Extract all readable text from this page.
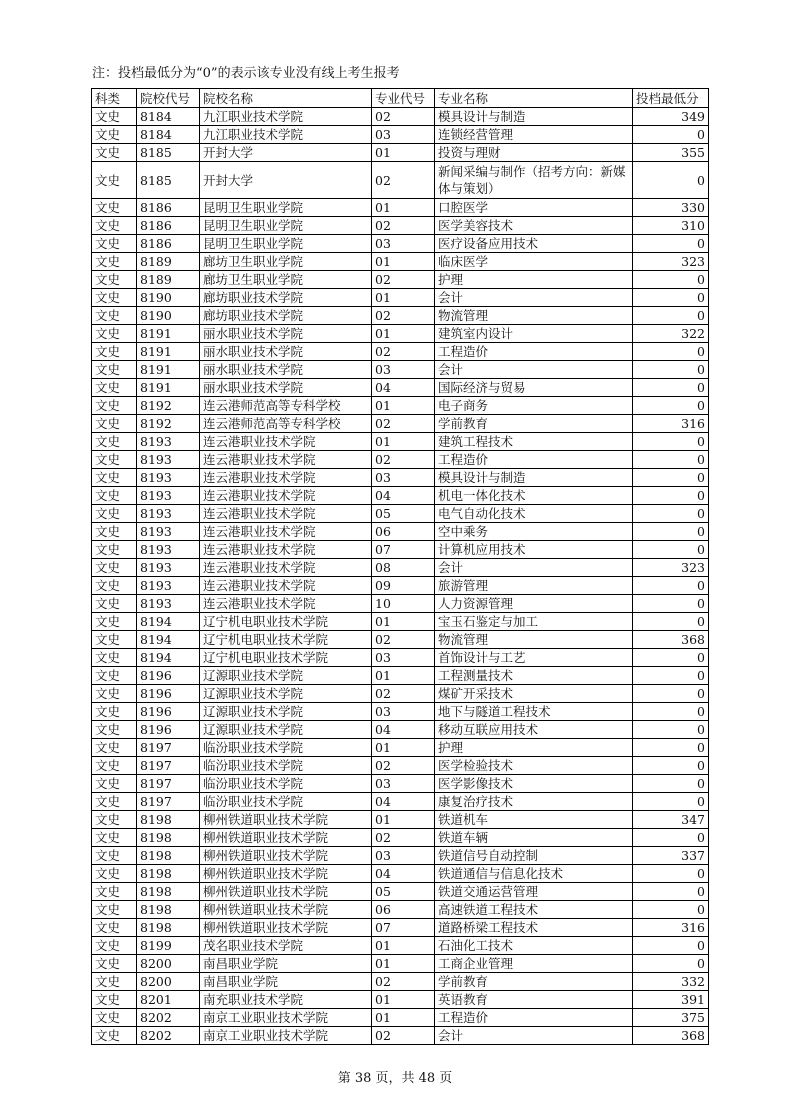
注：投档最低分为“0”的表示该专业没有线上考生报考
科类	院校代号	院校名称	专业代号	专业名称	投档最低分
文史	8184	九江职业技术学院	02	模具设计与制造	349
文史	8184	九江职业技术学院	03	连锁经营管理	0
文史	8185	开封大学	01	投资与理财	355
文史	8185	开封大学	02	新闻采编与制作（招考方向：新媒体与策划）	0
文史	8186	昆明卫生职业学院	01	口腔医学	330
文史	8186	昆明卫生职业学院	02	医学美容技术	310
文史	8186	昆明卫生职业学院	03	医疗设备应用技术	0
文史	8189	廊坊卫生职业学院	01	临床医学	323
文史	8189	廊坊卫生职业学院	02	护理	0
文史	8190	廊坊职业技术学院	01	会计	0
文史	8190	廊坊职业技术学院	02	物流管理	0
文史	8191	丽水职业技术学院	01	建筑室内设计	322
文史	8191	丽水职业技术学院	02	工程造价	0
文史	8191	丽水职业技术学院	03	会计	0
文史	8191	丽水职业技术学院	04	国际经济与贸易	0
文史	8192	连云港师范高等专科学校	01	电子商务	0
文史	8192	连云港师范高等专科学校	02	学前教育	316
文史	8193	连云港职业技术学院	01	建筑工程技术	0
文史	8193	连云港职业技术学院	02	工程造价	0
文史	8193	连云港职业技术学院	03	模具设计与制造	0
文史	8193	连云港职业技术学院	04	机电一体化技术	0
文史	8193	连云港职业技术学院	05	电气自动化技术	0
文史	8193	连云港职业技术学院	06	空中乘务	0
文史	8193	连云港职业技术学院	07	计算机应用技术	0
文史	8193	连云港职业技术学院	08	会计	323
文史	8193	连云港职业技术学院	09	旅游管理	0
文史	8193	连云港职业技术学院	10	人力资源管理	0
文史	8194	辽宁机电职业技术学院	01	宝玉石鉴定与加工	0
文史	8194	辽宁机电职业技术学院	02	物流管理	368
文史	8194	辽宁机电职业技术学院	03	首饰设计与工艺	0
文史	8196	辽源职业技术学院	01	工程测量技术	0
文史	8196	辽源职业技术学院	02	煤矿开采技术	0
文史	8196	辽源职业技术学院	03	地下与隧道工程技术	0
文史	8196	辽源职业技术学院	04	移动互联应用技术	0
文史	8197	临汾职业技术学院	01	护理	0
文史	8197	临汾职业技术学院	02	医学检验技术	0
文史	8197	临汾职业技术学院	03	医学影像技术	0
文史	8197	临汾职业技术学院	04	康复治疗技术	0
文史	8198	柳州铁道职业技术学院	01	铁道机车	347
文史	8198	柳州铁道职业技术学院	02	铁道车辆	0
文史	8198	柳州铁道职业技术学院	03	铁道信号自动控制	337
文史	8198	柳州铁道职业技术学院	04	铁道通信与信息化技术	0
文史	8198	柳州铁道职业技术学院	05	铁道交通运营管理	0
文史	8198	柳州铁道职业技术学院	06	高速铁道工程技术	0
文史	8198	柳州铁道职业技术学院	07	道路桥梁工程技术	316
文史	8199	茂名职业技术学院	01	石油化工技术	0
文史	8200	南昌职业学院	01	工商企业管理	0
文史	8200	南昌职业学院	02	学前教育	332
文史	8201	南充职业技术学院	01	英语教育	391
文史	8202	南京工业职业技术学院	01	工程造价	375
文史	8202	南京工业职业技术学院	02	会计	368
第 38 页，共 48 页
